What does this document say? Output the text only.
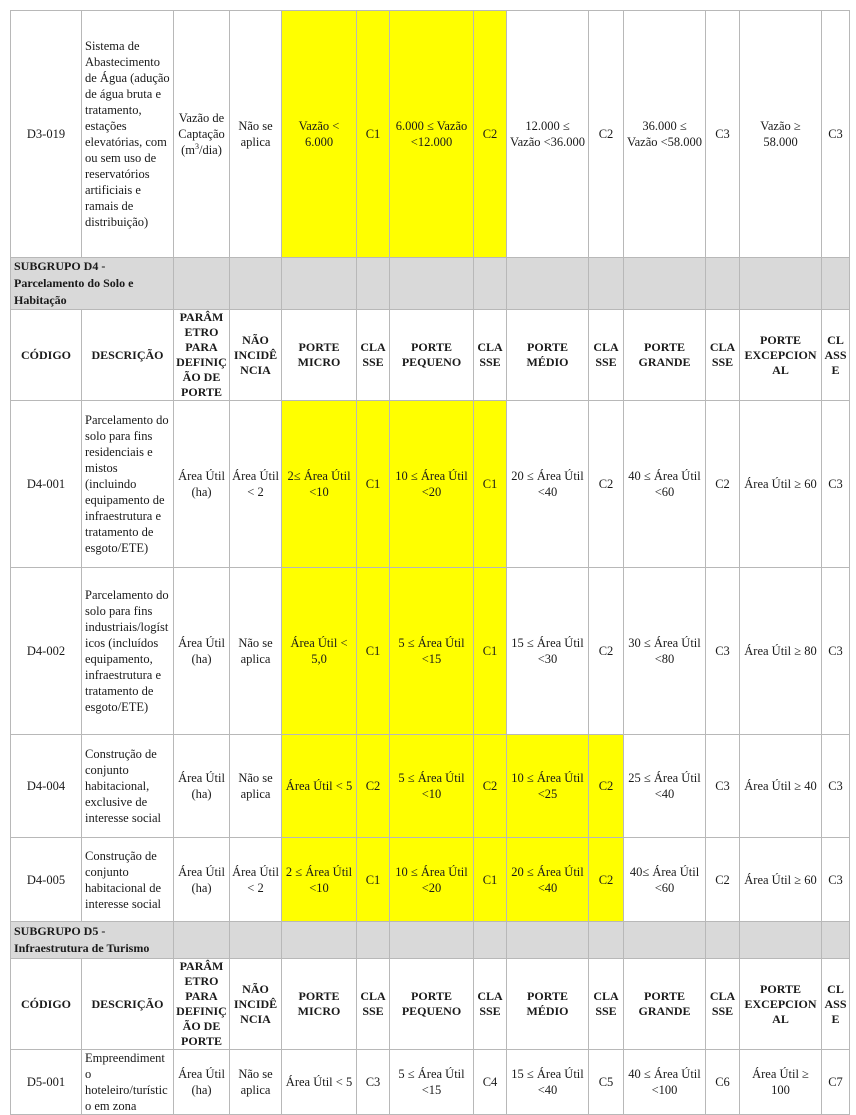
D3-019	Sistema de Abastecimento de Água (adução de água bruta e tratamento, estações elevatórias, com ou sem uso de reservatórios artificiais e ramais de distribuição)	Vazão de Captação $(m^3/dia)$	Não se aplica	Vazão < 6.000	C1	6.000 ≤ Vazão <12.000	C2	12.000 ≤ Vazão <36.000	C2	36.000 ≤ Vazão <58.000	C3	Vazão ≥ 58.000	C3
SUBGRUPO D4 - Parcelamento do Solo e Habitação													
CÓDIGO	DESCRIÇÃO	PARÂMETRO PARA DEFINIÇÃO DE PORTE	NÃO INCIDÊNCIA	PORTE MICRO	CLASSE	PORTE PEQUENO	CLASSE	PORTE MÉDIO	CLASSE	PORTE GRANDE	CLASSE	PORTE EXCEPCIONAL	CLASSE
D4-001	Parcelamento do solo para fins residenciais e mistos (incluindo equipamento de infraestrutura e tratamento de esgoto/ETE)	Área Útil (ha)	Área Útil < 2	2≤ Área Útil <10	C1	10 ≤ Área Útil <20	C1	20 ≤ Área Útil <40	C2	40 ≤ Área Útil <60	C2	Área Útil ≥ 60	C3
D4-002	Parcelamento do solo para fins industriais/logísticos (incluídos equipamento, infraestrutura e tratamento de esgoto/ETE)	Área Útil (ha)	Não se aplica	Área Útil < 5,0	C1	5 ≤ Área Útil <15	C1	15 ≤ Área Útil <30	C2	30 ≤ Área Útil <80	C3	Área Útil ≥ 80	C3
D4-004	Construção de conjunto habitacional, exclusive de interesse social	Área Útil (ha)	Não se aplica	Área Útil < 5	C2	5 ≤ Área Útil <10	C2	10 ≤ Área Útil <25	C2	25 ≤ Área Útil <40	C3	Área Útil ≥ 40	C3
D4-005	Construção de conjunto habitacional de interesse social	Área Útil (ha)	Área Útil < 2	2 ≤ Área Útil <10	C1	10 ≤ Área Útil <20	C1	20 ≤ Área Útil <40	C2	40≤ Área Útil <60	C2	Área Útil ≥ 60	C3
SUBGRUPO D5 - Infraestrutura de Turismo													
CÓDIGO	DESCRIÇÃO	PARÂMETRO PARA DEFINIÇÃO DE PORTE	NÃO INCIDÊNCIA	PORTE MICRO	CLASSE	PORTE PEQUENO	CLASSE	PORTE MÉDIO	CLASSE	PORTE GRANDE	CLASSE	PORTE EXCEPCIONAL	CLASSE
D5-001	Empreendimento hoteleiro/turístico em zona	Área Útil (ha)	Não se aplica	Área Útil < 5	C3	5 ≤ Área Útil <15	C4	15 ≤ Área Útil <40	C5	40 ≤ Área Útil <100	C6	Área Útil ≥ 100	C7
